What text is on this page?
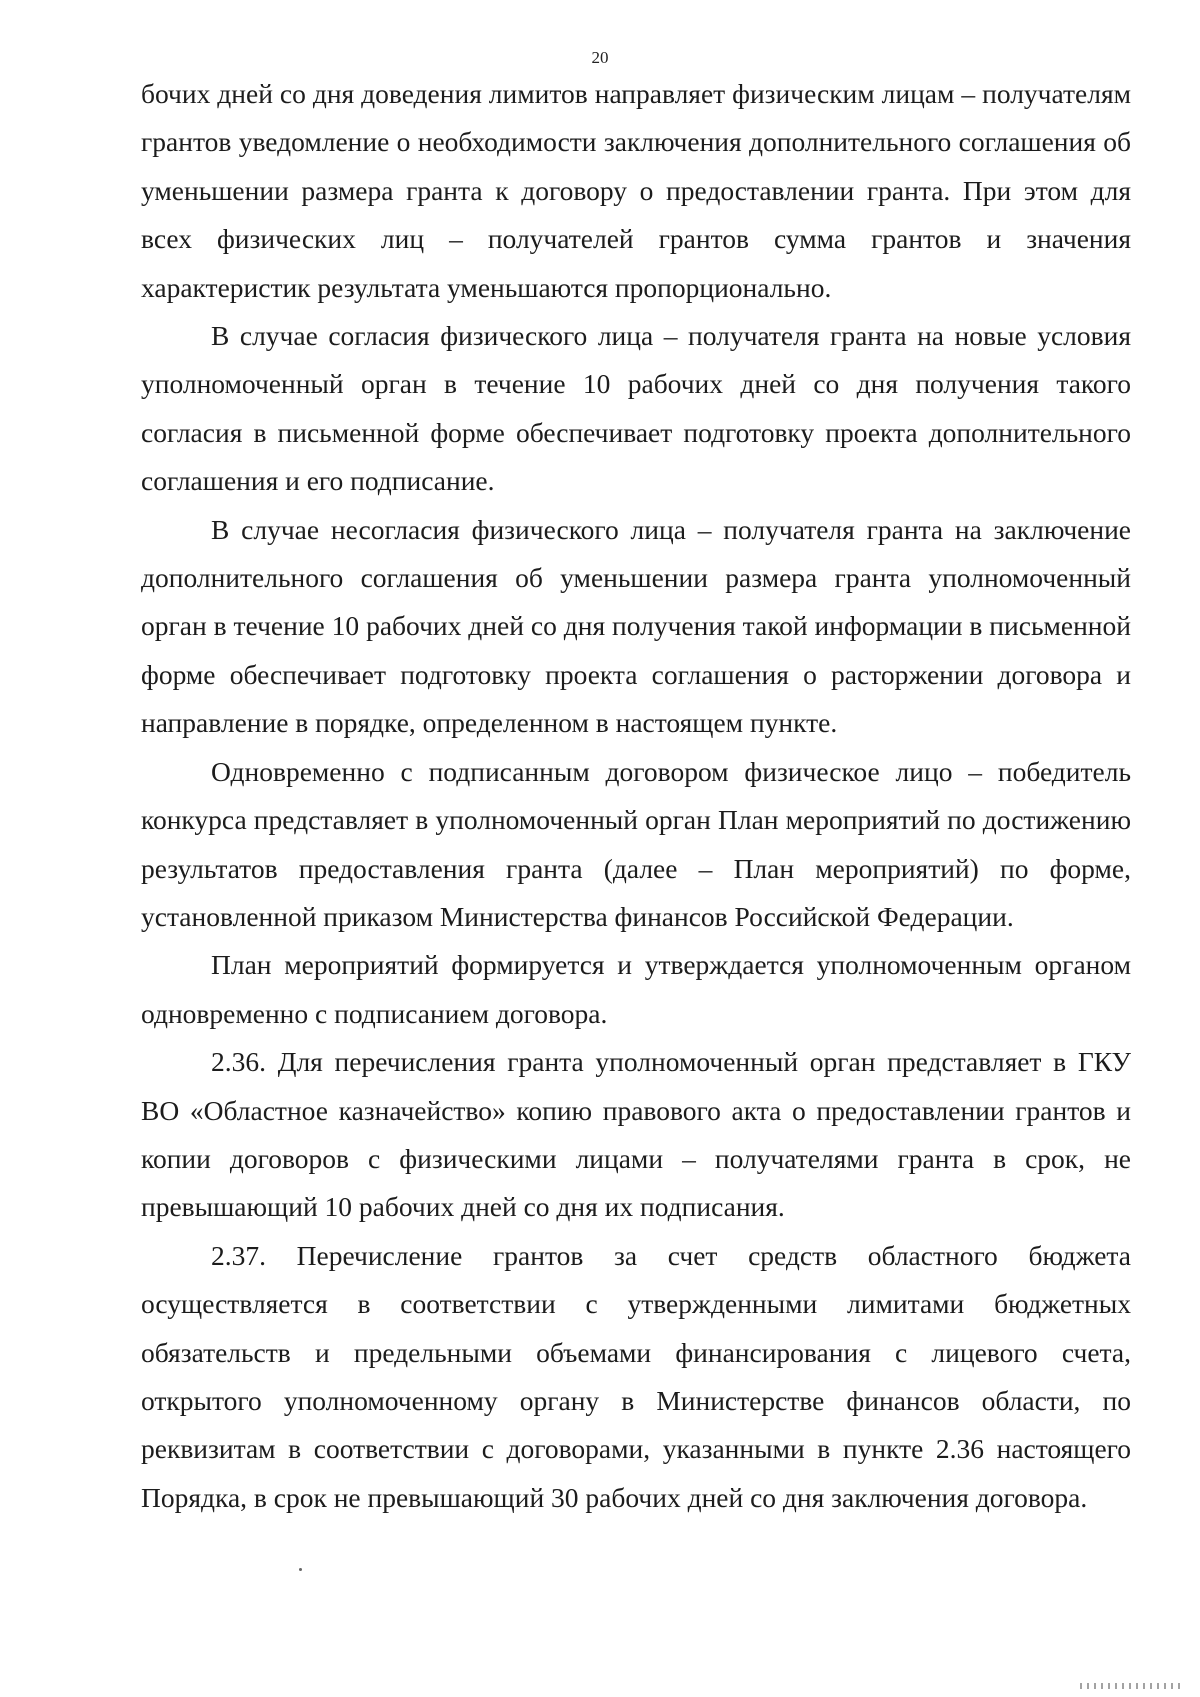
20

бочих дней со дня доведения лимитов направляет физическим лицам – получателям грантов уведомление о необходимости заключения дополнительного соглашения об уменьшении размера гранта к договору о предоставлении гранта. При этом для всех физических лиц – получателей грантов сумма грантов и значения характеристик результата уменьшаются пропорционально.

В случае согласия физического лица – получателя гранта на новые условия уполномоченный орган в течение 10 рабочих дней со дня получения такого согласия в письменной форме обеспечивает подготовку проекта дополнительного соглашения и его подписание.

В случае несогласия физического лица – получателя гранта на заключение дополнительного соглашения об уменьшении размера гранта уполномоченный орган в течение 10 рабочих дней со дня получения такой информации в письменной форме обеспечивает подготовку проекта соглашения о расторжении договора и направление в порядке, определенном в настоящем пункте.

Одновременно с подписанным договором физическое лицо – победитель конкурса представляет в уполномоченный орган План мероприятий по достижению результатов предоставления гранта (далее – План мероприятий) по форме, установленной приказом Министерства финансов Российской Федерации.

План мероприятий формируется и утверждается уполномоченным органом одновременно с подписанием договора.

2.36. Для перечисления гранта уполномоченный орган представляет в ГКУ ВО «Областное казначейство» копию правового акта о предоставлении грантов и копии договоров с физическими лицами – получателями гранта в срок, не превышающий 10 рабочих дней со дня их подписания.

2.37. Перечисление грантов за счет средств областного бюджета осуществляется в соответствии с утвержденными лимитами бюджетных обязательств и предельными объемами финансирования с лицевого счета, открытого уполномоченному органу в Министерстве финансов области, по реквизитам в соответствии с договорами, указанными в пункте 2.36 настоящего Порядка, в срок не превышающий 30 рабочих дней со дня заключения договора.
